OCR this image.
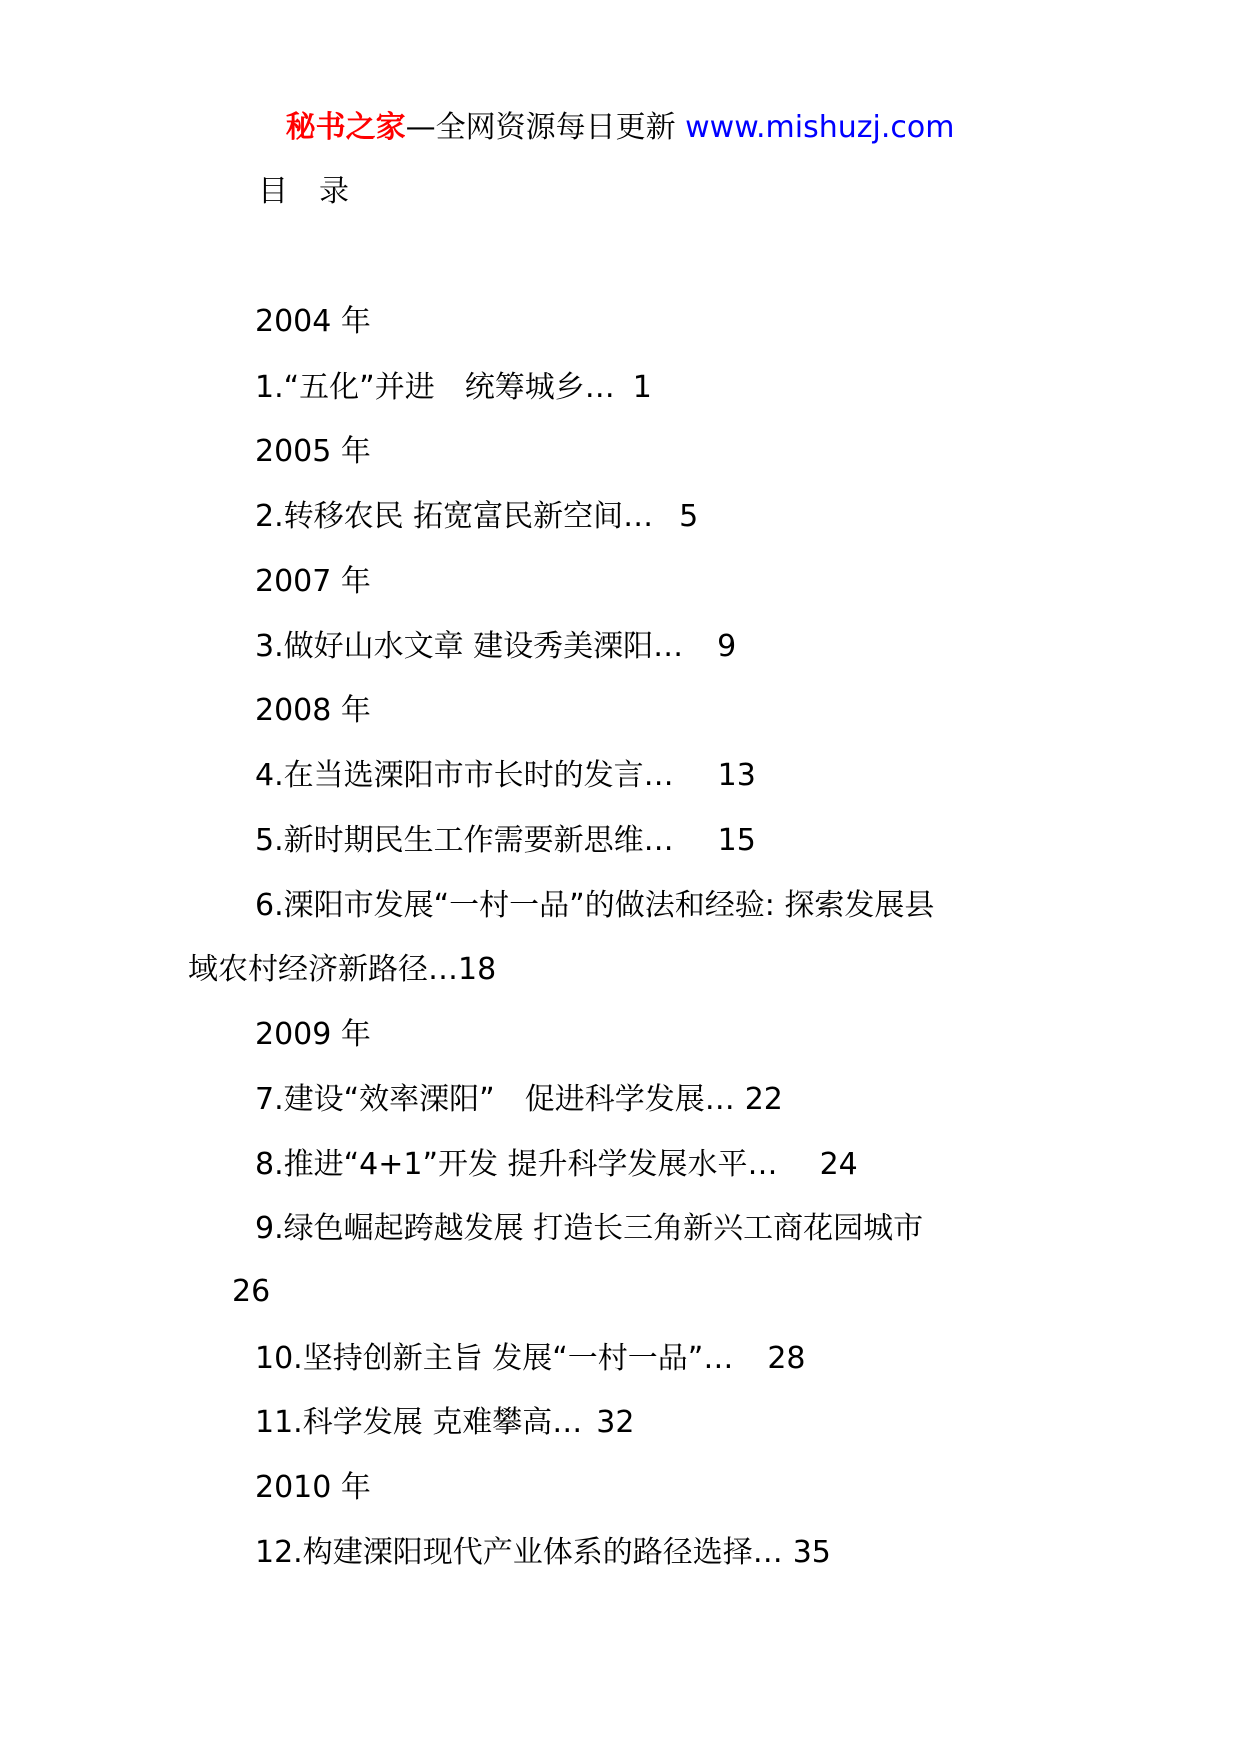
秘书之家—全网资源每日更新 www.mishuzj.com
目 录
2004 年
1.“五化”并进　统筹城乡… 1
2005 年
2.转移农民 拓宽富民新空间… 5
2007 年
3.做好山水文章 建设秀美溧阳… 9
2008 年
4.在当选溧阳市市长时的发言… 13
5.新时期民生工作需要新思维… 15
6.溧阳市发展“一村一品”的做法和经验: 探索发展县
域农村经济新路径…18
2009 年
7.建设“效率溧阳”　促进科学发展… 22
8.推进“4+1”开发 提升科学发展水平… 24
9.绿色崛起跨越发展 打造长三角新兴工商花园城市
26
10.坚持创新主旨 发展“一村一品”… 28
11.科学发展 克难攀高… 32
2010 年
12.构建溧阳现代产业体系的路径选择… 35
